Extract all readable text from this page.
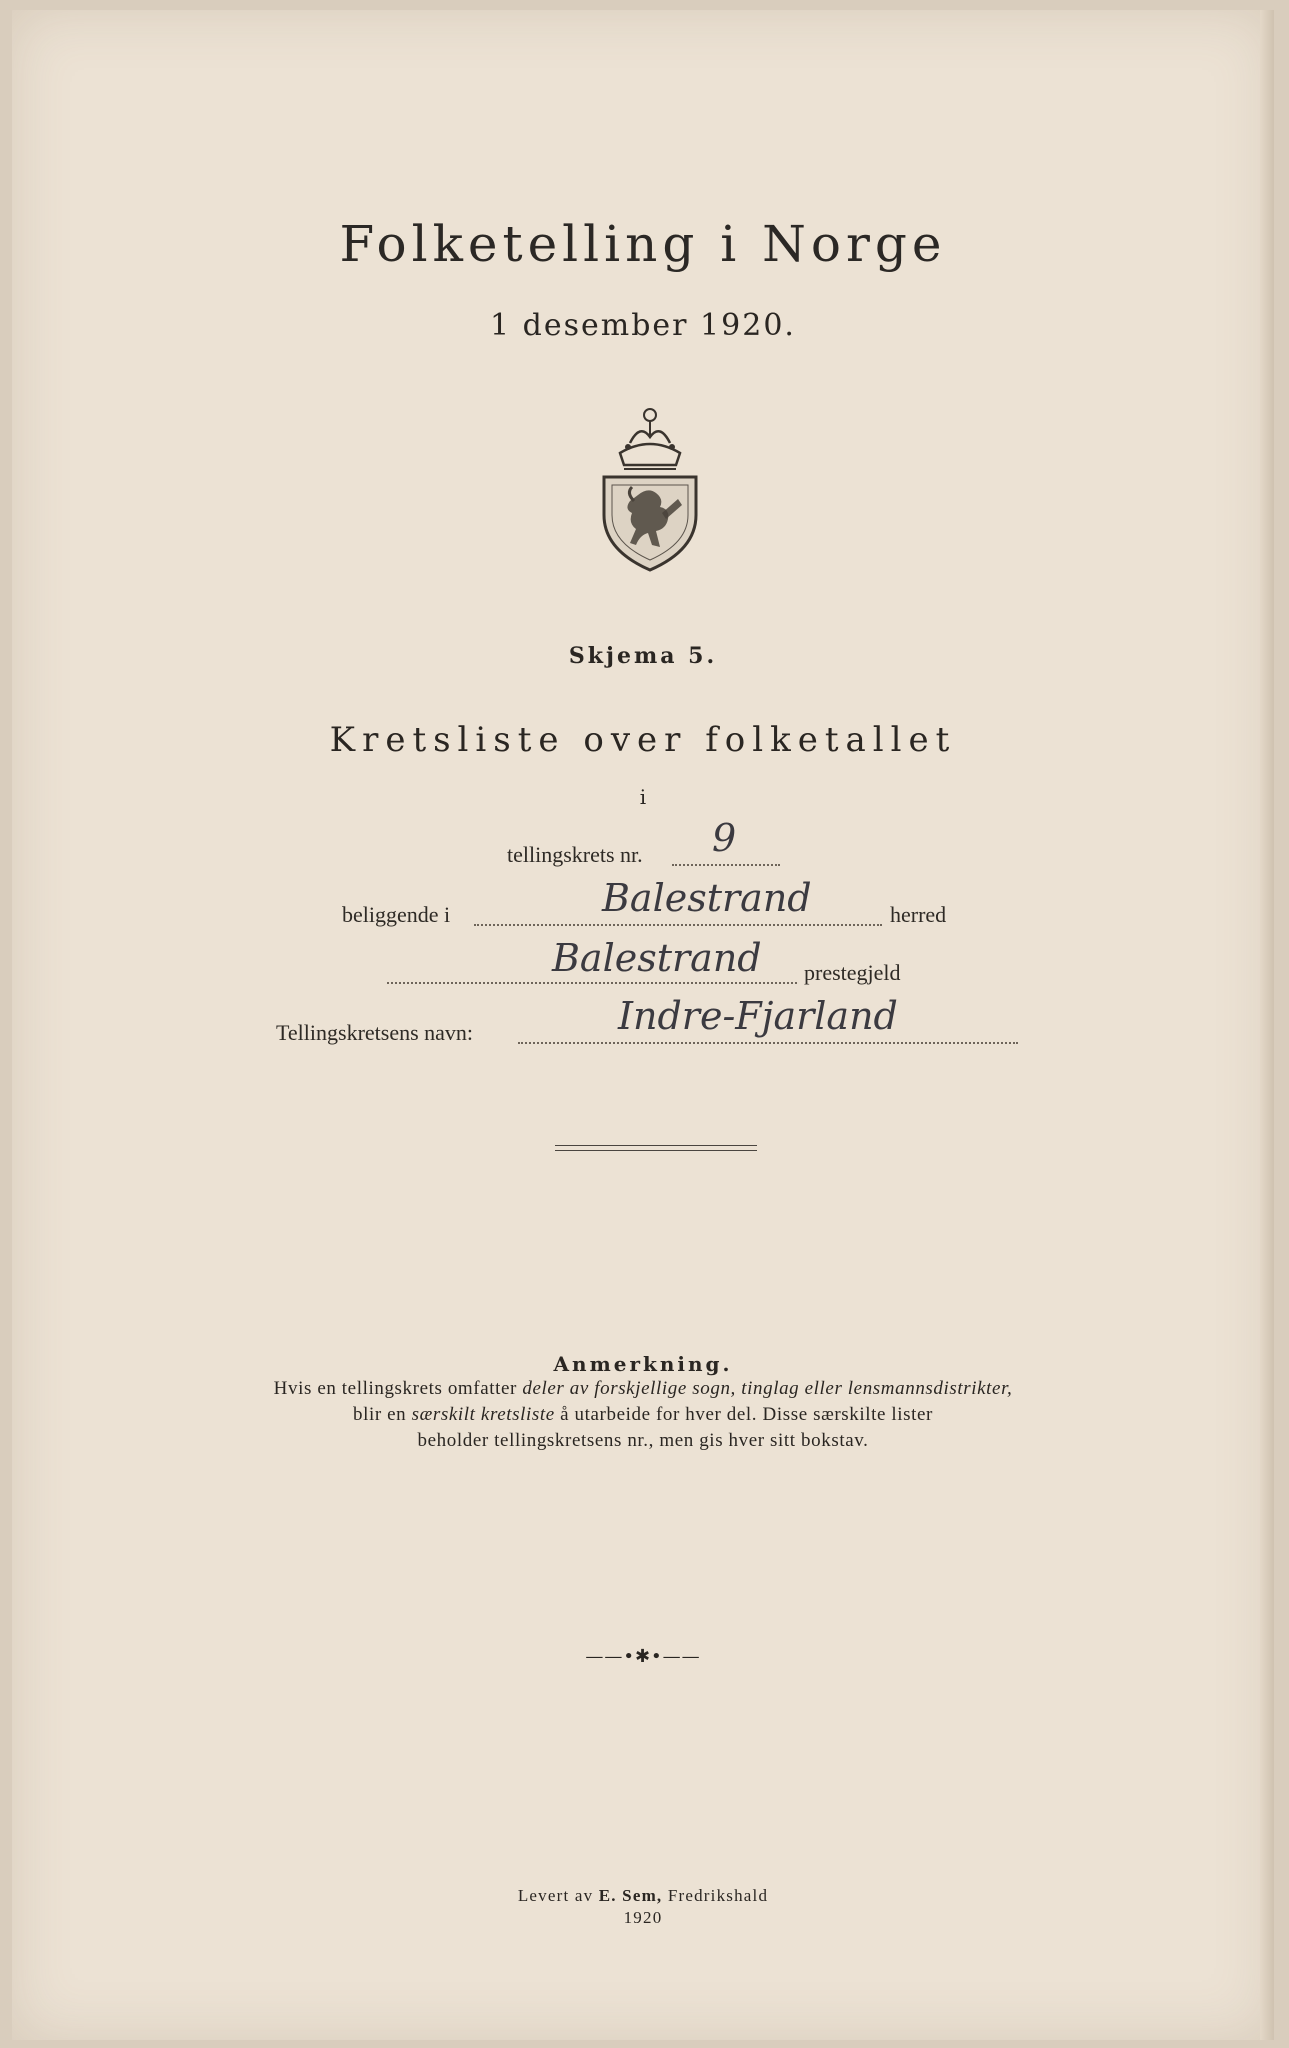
Folketelling i Norge
1 desember 1920.
Skjema 5.
Kretsliste over folketallet
i
tellingskrets nr. 9
beliggende i	Balestrand	herred
Balestrand prestegjeld
Tellingskretsens navn:	Indre-Fjarland
Anmerkning.
Hvis en tellingskrets omfatter deler av forskjellige sogn, tinglag eller lensmannsdistrikter,
blir en særskilt kretsliste å utarbeide for hver del. Disse særskilte lister
beholder tellingskretsens nr., men gis hver sitt bokstav.
——•✱•——
Levert av E. Sem, Fredrikshald
1920
